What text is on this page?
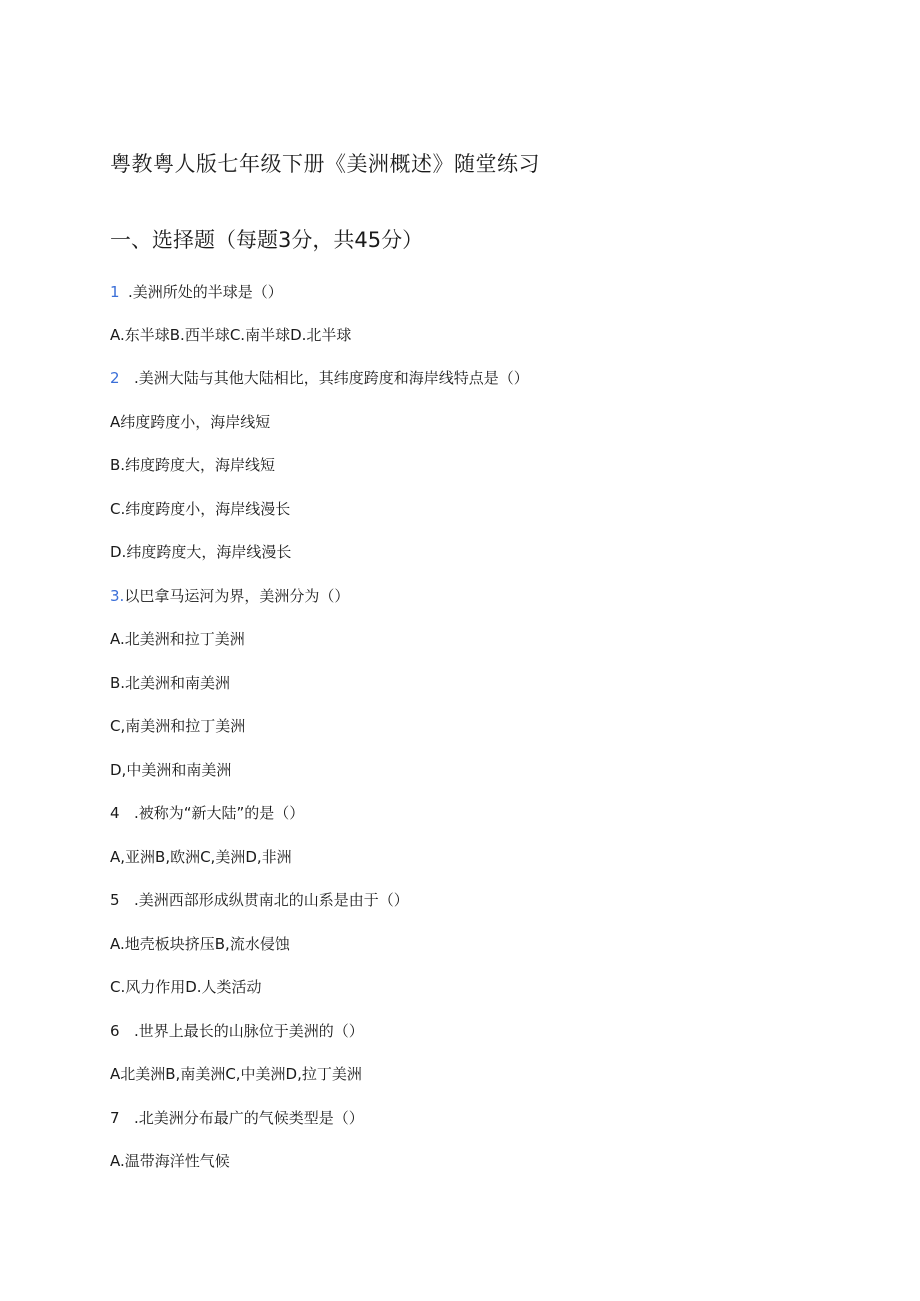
粤教粤人版七年级下册《美洲概述》随堂练习
一、选择题（每题3分，共45分）
1 .美洲所处的半球是（）
A.东半球B.西半球C.南半球D.北半球
2 .美洲大陆与其他大陆相比，其纬度跨度和海岸线特点是（）
A纬度跨度小，海岸线短
B.纬度跨度大，海岸线短
C.纬度跨度小，海岸线漫长
D.纬度跨度大，海岸线漫长
3.以巴拿马运河为界，美洲分为（）
A.北美洲和拉丁美洲
B.北美洲和南美洲
C,南美洲和拉丁美洲
D,中美洲和南美洲
4 .被称为“新大陆”的是（）
A,亚洲B,欧洲C,美洲D,非洲
5 .美洲西部形成纵贯南北的山系是由于（）
A.地壳板块挤压B,流水侵蚀
C.风力作用D.人类活动
6 .世界上最长的山脉位于美洲的（）
A北美洲B,南美洲C,中美洲D,拉丁美洲
7 .北美洲分布最广的气候类型是（）
A.温带海洋性气候
